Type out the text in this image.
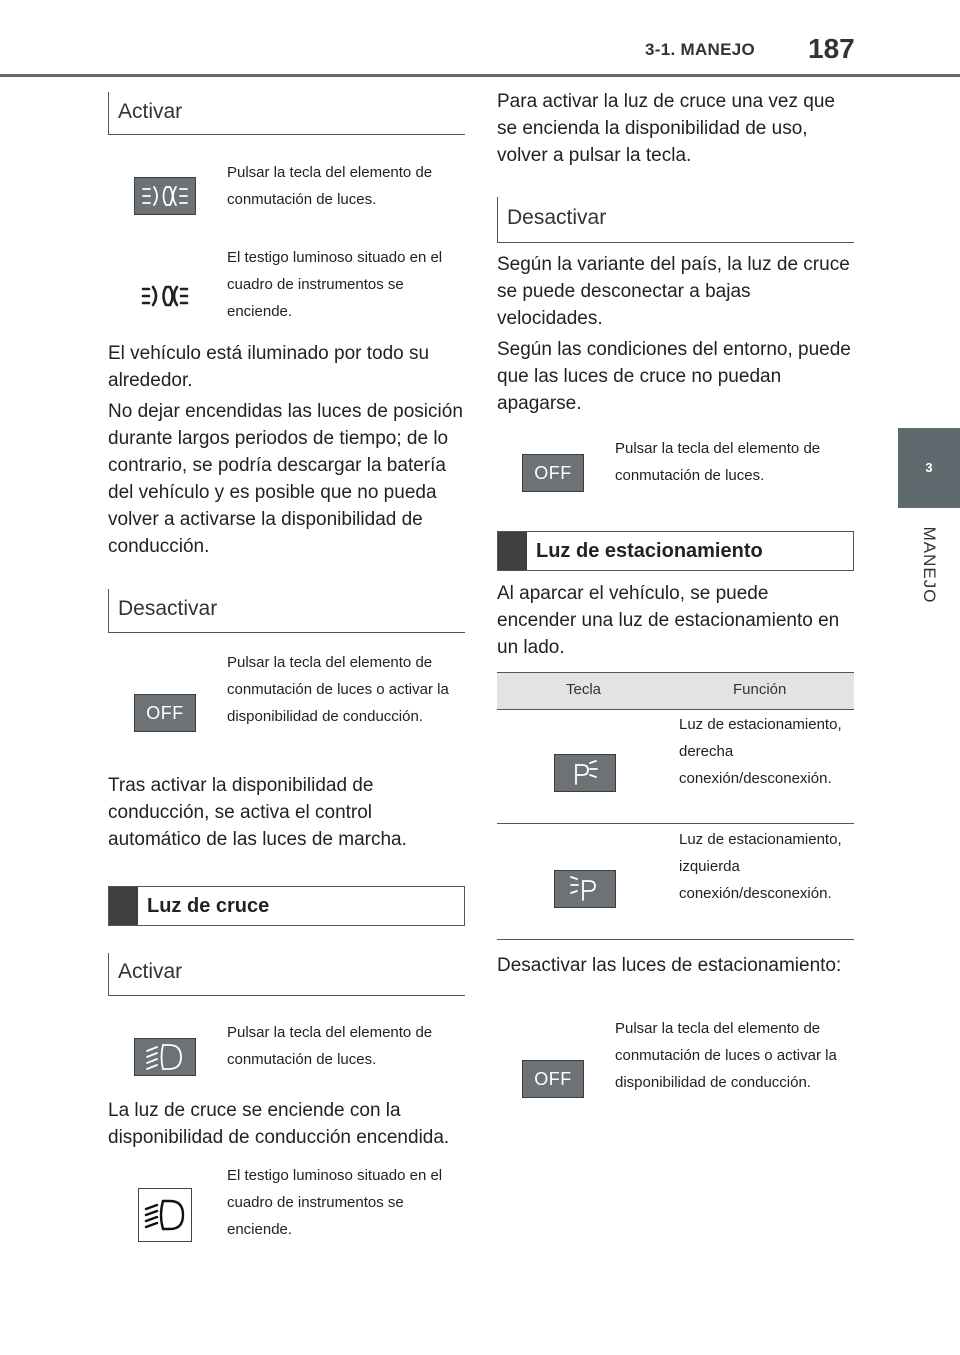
3-1. MANEJO 187
3
MANEJO
Activar
Pulsar la tecla del elemento de conmutación de luces.
El testigo luminoso situado en el cuadro de instrumentos se enciende.
El vehículo está iluminado por todo su alrededor.
No dejar encendidas las luces de posición durante largos periodos de tiempo; de lo contrario, se podría descargar la batería del vehículo y es posible que no pueda volver a activarse la disponibilidad de conducción.
Desactivar
OFF
Pulsar la tecla del elemento de conmutación de luces o activar la disponibilidad de conducción.
Tras activar la disponibilidad de conducción, se activa el control automático de las luces de marcha.
Luz de cruce
Activar
Pulsar la tecla del elemento de conmutación de luces.
La luz de cruce se enciende con la disponibilidad de conducción encendida.
El testigo luminoso situado en el cuadro de instrumentos se enciende.
Para activar la luz de cruce una vez que se encienda la disponibilidad de uso, volver a pulsar la tecla.
Desactivar
Según la variante del país, la luz de cruce se puede desconectar a bajas velocidades.
Según las condiciones del entorno, puede que las luces de cruce no puedan apagarse.
OFF
Pulsar la tecla del elemento de conmutación de luces.
Luz de estacionamiento
Al aparcar el vehículo, se puede encender una luz de estacionamiento en un lado.
Tecla	Función
Luz de estacionamiento, derecha conexión/desconexión.
Luz de estacionamiento, izquierda conexión/desconexión.
Desactivar las luces de estacionamiento:
OFF
Pulsar la tecla del elemento de conmutación de luces o activar la disponibilidad de conducción.
